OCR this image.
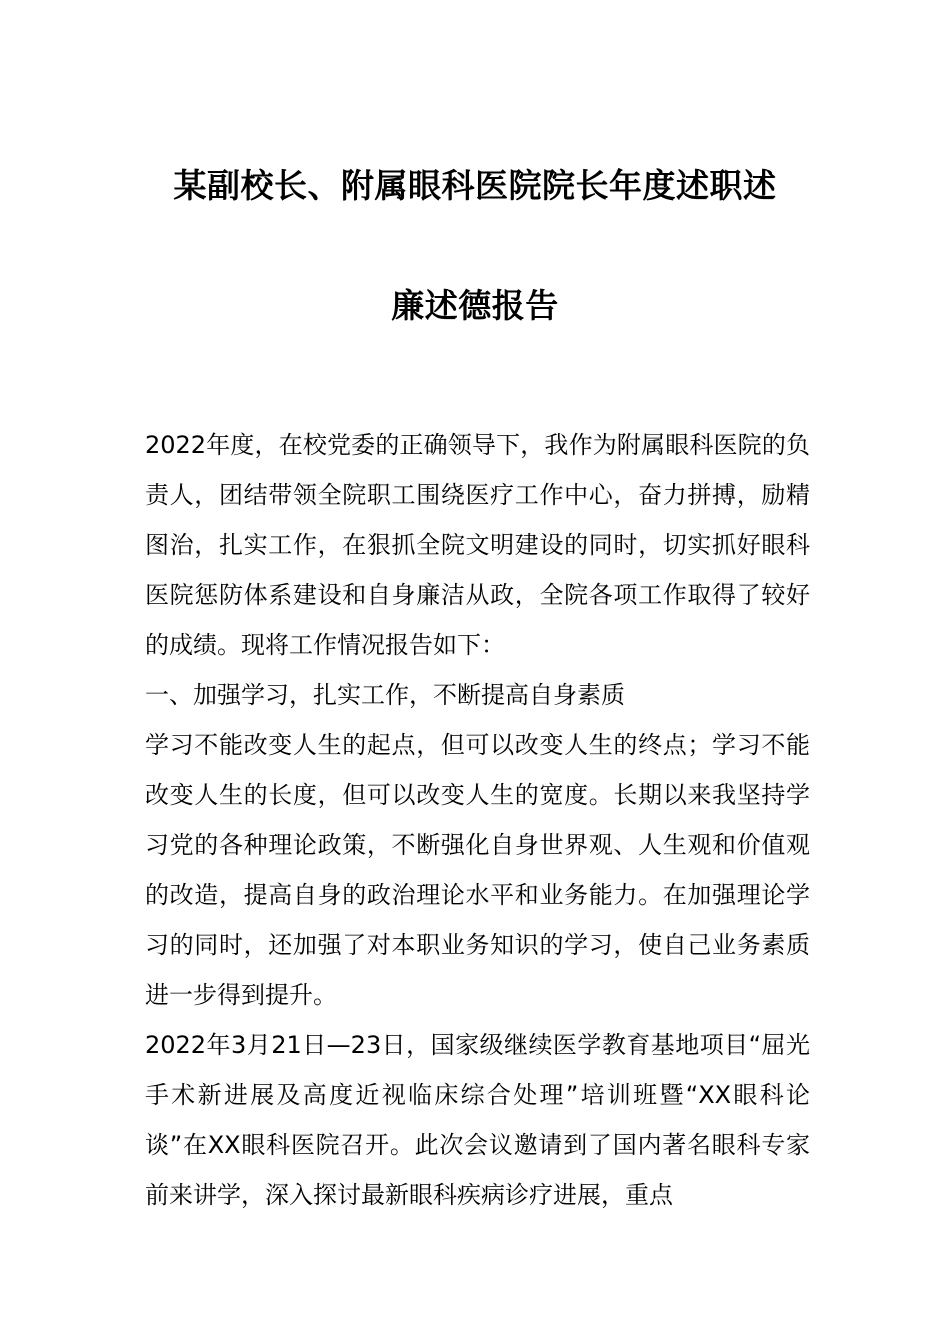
某副校长、附属眼科医院院长年度述职述
廉述德报告

2022年度，在校党委的正确领导下，我作为附属眼科医院的负责人，团结带领全院职工围绕医疗工作中心，奋力拼搏，励精图治，扎实工作，在狠抓全院文明建设的同时，切实抓好眼科医院惩防体系建设和自身廉洁从政，全院各项工作取得了较好的成绩。现将工作情况报告如下：

一、加强学习，扎实工作，不断提高自身素质

学习不能改变人生的起点，但可以改变人生的终点；学习不能改变人生的长度，但可以改变人生的宽度。长期以来我坚持学习党的各种理论政策，不断强化自身世界观、人生观和价值观的改造，提高自身的政治理论水平和业务能力。在加强理论学习的同时，还加强了对本职业务知识的学习，使自己业务素质进一步得到提升。

2022年3月21日—23日，国家级继续医学教育基地项目“屈光手术新进展及高度近视临床综合处理”培训班暨“XX眼科论谈”在XX眼科医院召开。此次会议邀请到了国内著名眼科专家前来讲学，深入探讨最新眼科疾病诊疗进展，重点
